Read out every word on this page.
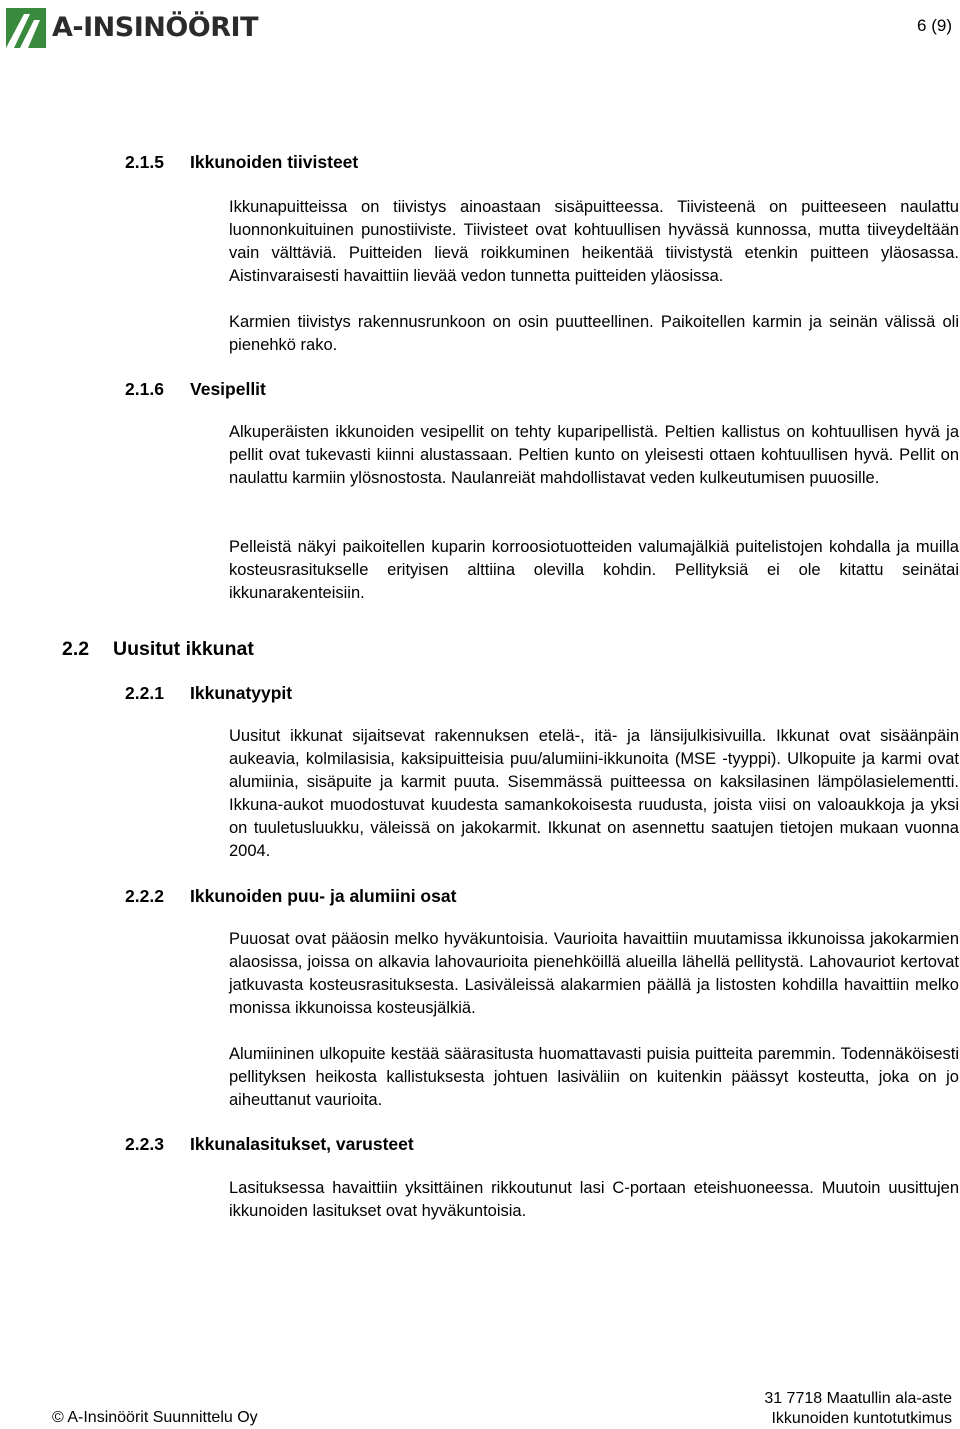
A-INSINÖÖRIT	6 (9)
2.1.5 Ikkunoiden tiivisteet
Ikkunapuitteissa on tiivistys ainoastaan sisäpuitteessa. Tiivisteenä on puitteeseen naulattu luonnonkuituinen punostiiviste. Tiivisteet ovat kohtuullisen hyvässä kunnossa, mutta tiiveydeltään vain välttäviä. Puitteiden lievä roikkuminen heikentää tiivistystä etenkin puitteen yläosassa. Aistinvaraisesti havaittiin lievää vedon tunnetta puitteiden yläosissa.
Karmien tiivistys rakennusrunkoon on osin puutteellinen. Paikoitellen karmin ja seinän välissä oli pienehkö rako.
2.1.6 Vesipellit
Alkuperäisten ikkunoiden vesipellit on tehty kuparipellistä. Peltien kallistus on kohtuullisen hyvä ja pellit ovat tukevasti kiinni alustassaan. Peltien kunto on yleisesti ottaen kohtuullisen hyvä. Pellit on naulattu karmiin ylösnostosta. Naulanreiät mahdollistavat veden kulkeutumisen puuosille.
Pelleistä näkyi paikoitellen kuparin korroosiotuotteiden valumajälkiä puitelistojen kohdalla ja muilla kosteusrasitukselle erityisen alttiina olevilla kohdin. Pellityksiä ei ole kitattu seinätai ikkunarakenteisiin.
2.2 Uusitut ikkunat
2.2.1 Ikkunatyypit
Uusitut ikkunat sijaitsevat rakennuksen etelä-, itä- ja länsijulkisivuilla. Ikkunat ovat sisäänpäin aukeavia, kolmilasisia, kaksipuitteisia puu/alumiini-ikkunoita (MSE -tyyppi). Ulkopuite ja karmi ovat alumiinia, sisäpuite ja karmit puuta. Sisemmässä puitteessa on kaksilasinen lämpölasielementti. Ikkuna-aukot muodostuvat kuudesta samankokoisesta ruudusta, joista viisi on valoaukkoja ja yksi on tuuletusluukku, väleissä on jakokarmit. Ikkunat on asennettu saatujen tietojen mukaan vuonna 2004.
2.2.2 Ikkunoiden puu- ja alumiini osat
Puuosat ovat pääosin melko hyväkuntoisia. Vaurioita havaittiin muutamissa ikkunoissa jakokarmien alaosissa, joissa on alkavia lahovaurioita pienehköillä alueilla lähellä pellitystä. Lahovauriot kertovat jatkuvasta kosteusrasituksesta. Lasiväleissä alakarmien päällä ja listosten kohdilla havaittiin melko monissa ikkunoissa kosteusjälkiä.
Alumiininen ulkopuite kestää säärasitusta huomattavasti puisia puitteita paremmin. Todennäköisesti pellityksen heikosta kallistuksesta johtuen lasiväliin on kuitenkin päässyt kosteutta, joka on jo aiheuttanut vaurioita.
2.2.3 Ikkunalasitukset, varusteet
Lasituksessa havaittiin yksittäinen rikkoutunut lasi C-portaan eteishuoneessa. Muutoin uusittujen ikkunoiden lasitukset ovat hyväkuntoisia.
© A-Insinöörit Suunnittelu Oy
31 7718 Maatullin ala-aste
Ikkunoiden kuntotutkimus
